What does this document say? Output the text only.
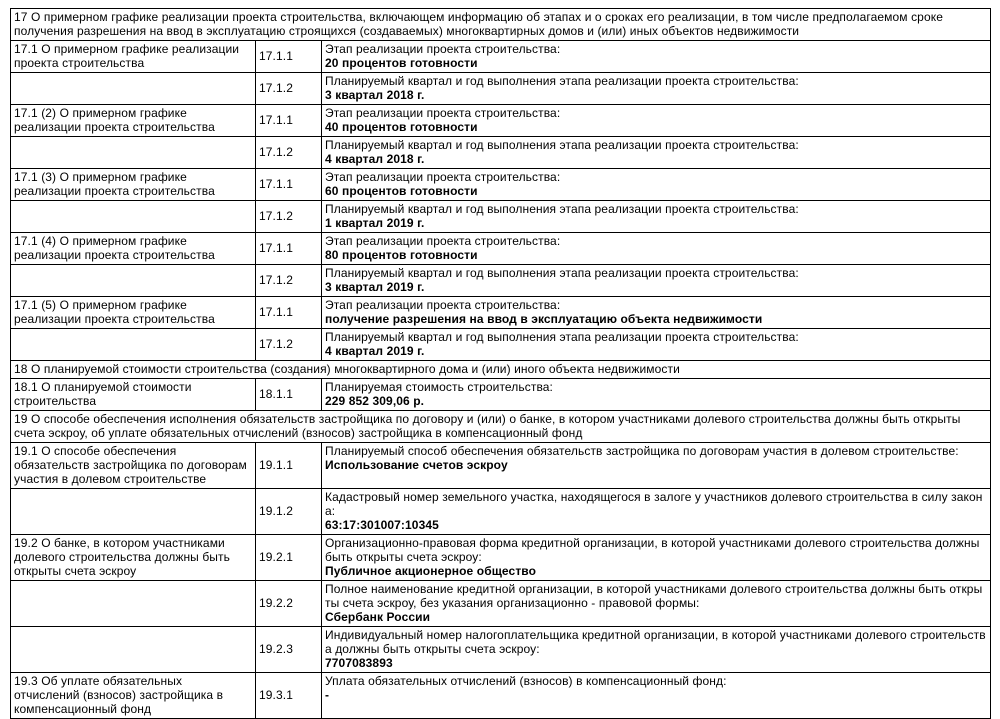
17 О примерном графике реализации проекта строительства, включающем информацию об этапах и о сроках его реализации, в том числе предполагаемом сроке получения разрешения на ввод в эксплуатацию строящихся (создаваемых) многоквартирных домов и (или) иных объектов недвижимости		
17.1 О примерном графике реализации проекта строительства	17.1.1	Этап реализации проекта строительства:
20 процентов готовности

	17.1.2	Планируемый квартал и год выполнения этапа реализации проекта строительства:
3 квартал 2018 г.

17.1 (2) О примерном графике реализации проекта строительства	17.1.1	Этап реализации проекта строительства:
40 процентов готовности

	17.1.2	Планируемый квартал и год выполнения этапа реализации проекта строительства:
4 квартал 2018 г.

17.1 (3) О примерном графике реализации проекта строительства	17.1.1	Этап реализации проекта строительства:
60 процентов готовности

	17.1.2	Планируемый квартал и год выполнения этапа реализации проекта строительства:
1 квартал 2019 г.

17.1 (4) О примерном графике реализации проекта строительства	17.1.1	Этап реализации проекта строительства:
80 процентов готовности

	17.1.2	Планируемый квартал и год выполнения этапа реализации проекта строительства:
3 квартал 2019 г.

17.1 (5) О примерном графике реализации проекта строительства	17.1.1	Этап реализации проекта строительства:
получение разрешения на ввод в эксплуатацию объекта недвижимости

	17.1.2	Планируемый квартал и год выполнения этапа реализации проекта строительства:
4 квартал 2019 г.

18 О планируемой стоимости строительства (создания) многоквартирного дома и (или) иного объекта недвижимости		
18.1 О планируемой стоимости строительства	18.1.1	Планируемая стоимость строительства:
229 852 309,06 р.

19 О способе обеспечения исполнения обязательств застройщика по договору и (или) о банке, в котором участниками долевого строительства должны быть открыты счета эскроу, об уплате обязательных отчислений (взносов) застройщика в компенсационный фонд		
19.1 О способе обеспечения обязательств застройщика по договорам участия в долевом строительстве	19.1.1	Планируемый способ обеспечения обязательств застройщика по договорам участия в долевом строительстве:
Использование счетов эскроу

	19.1.2	Кадастровый номер земельного участка, находящегося в залоге у участников долевого строительства в силу закона:
63:17:301007:10345

19.2 О банке, в котором участниками долевого строительства должны быть открыты счета эскроу	19.2.1	Организационно-правовая форма кредитной организации, в которой участниками долевого строительства должны быть открыты счета эскроу:
Публичное акционерное общество

	19.2.2	Полное наименование кредитной организации, в которой участниками долевого строительства должны быть открыты счета эскроу, без указания организационно - правовой формы:
Сбербанк России

	19.2.3	Индивидуальный номер налогоплательщика кредитной организации, в которой участниками долевого строительства должны быть открыты счета эскроу:
7707083893

19.3 Об уплате обязательных отчислений (взносов) застройщика в компенсационный фонд	19.3.1	Уплата обязательных отчислений (взносов) в компенсационный фонд:
-
